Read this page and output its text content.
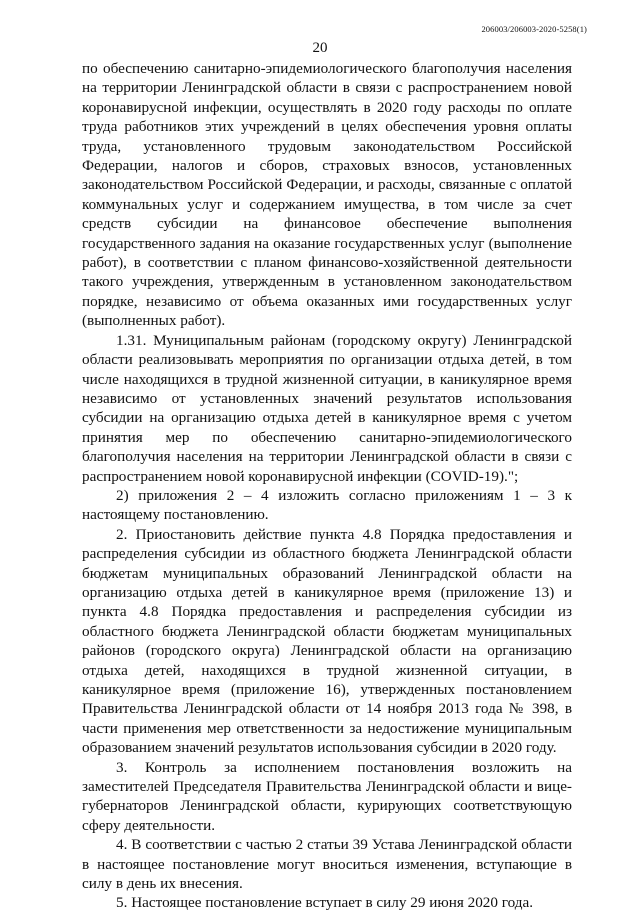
206003/206003-2020-5258(1)
20

по обеспечению санитарно-эпидемиологического благополучия населения на территории Ленинградской области в связи с распространением новой коронавирусной инфекции, осуществлять в 2020 году расходы по оплате труда работников этих учреждений в целях обеспечения уровня оплаты труда, установленного трудовым законодательством Российской Федерации, налогов и сборов, страховых взносов, установленных законодательством Российской Федерации, и расходы, связанные с оплатой коммунальных услуг и содержанием имущества, в том числе за счет средств субсидии на финансовое обеспечение выполнения государственного задания на оказание государственных услуг (выполнение работ), в соответствии с планом финансово-хозяйственной деятельности такого учреждения, утвержденным в установленном законодательством порядке, независимо от объема оказанных ими государственных услуг (выполненных работ).

1.31. Муниципальным районам (городскому округу) Ленинградской области реализовывать мероприятия по организации отдыха детей, в том числе находящихся в трудной жизненной ситуации, в каникулярное время независимо от установленных значений результатов использования субсидии на организацию отдыха детей в каникулярное время с учетом принятия мер по обеспечению санитарно-эпидемиологического благополучия населения на территории Ленинградской области в связи с распространением новой коронавирусной инфекции (COVID-19).";

2) приложения 2 – 4 изложить согласно приложениям 1 – 3 к настоящему постановлению.

2. Приостановить действие пункта 4.8 Порядка предоставления и распределения субсидии из областного бюджета Ленинградской области бюджетам муниципальных образований Ленинградской области на организацию отдыха детей в каникулярное время (приложение 13) и пункта 4.8 Порядка предоставления и распределения субсидии из областного бюджета Ленинградской области бюджетам муниципальных районов (городского округа) Ленинградской области на организацию отдыха детей, находящихся в трудной жизненной ситуации, в каникулярное время (приложение 16), утвержденных постановлением Правительства Ленинградской области от 14 ноября 2013 года № 398, в части применения мер ответственности за недостижение муниципальным образованием значений результатов использования субсидии в 2020 году.

3. Контроль за исполнением постановления возложить на заместителей Председателя Правительства Ленинградской области и вице-губернаторов Ленинградской области, курирующих соответствующую сферу деятельности.

4. В соответствии с частью 2 статьи 39 Устава Ленинградской области в настоящее постановление могут вноситься изменения, вступающие в силу в день их внесения.

5. Настоящее постановление вступает в силу 29 июня 2020 года.
